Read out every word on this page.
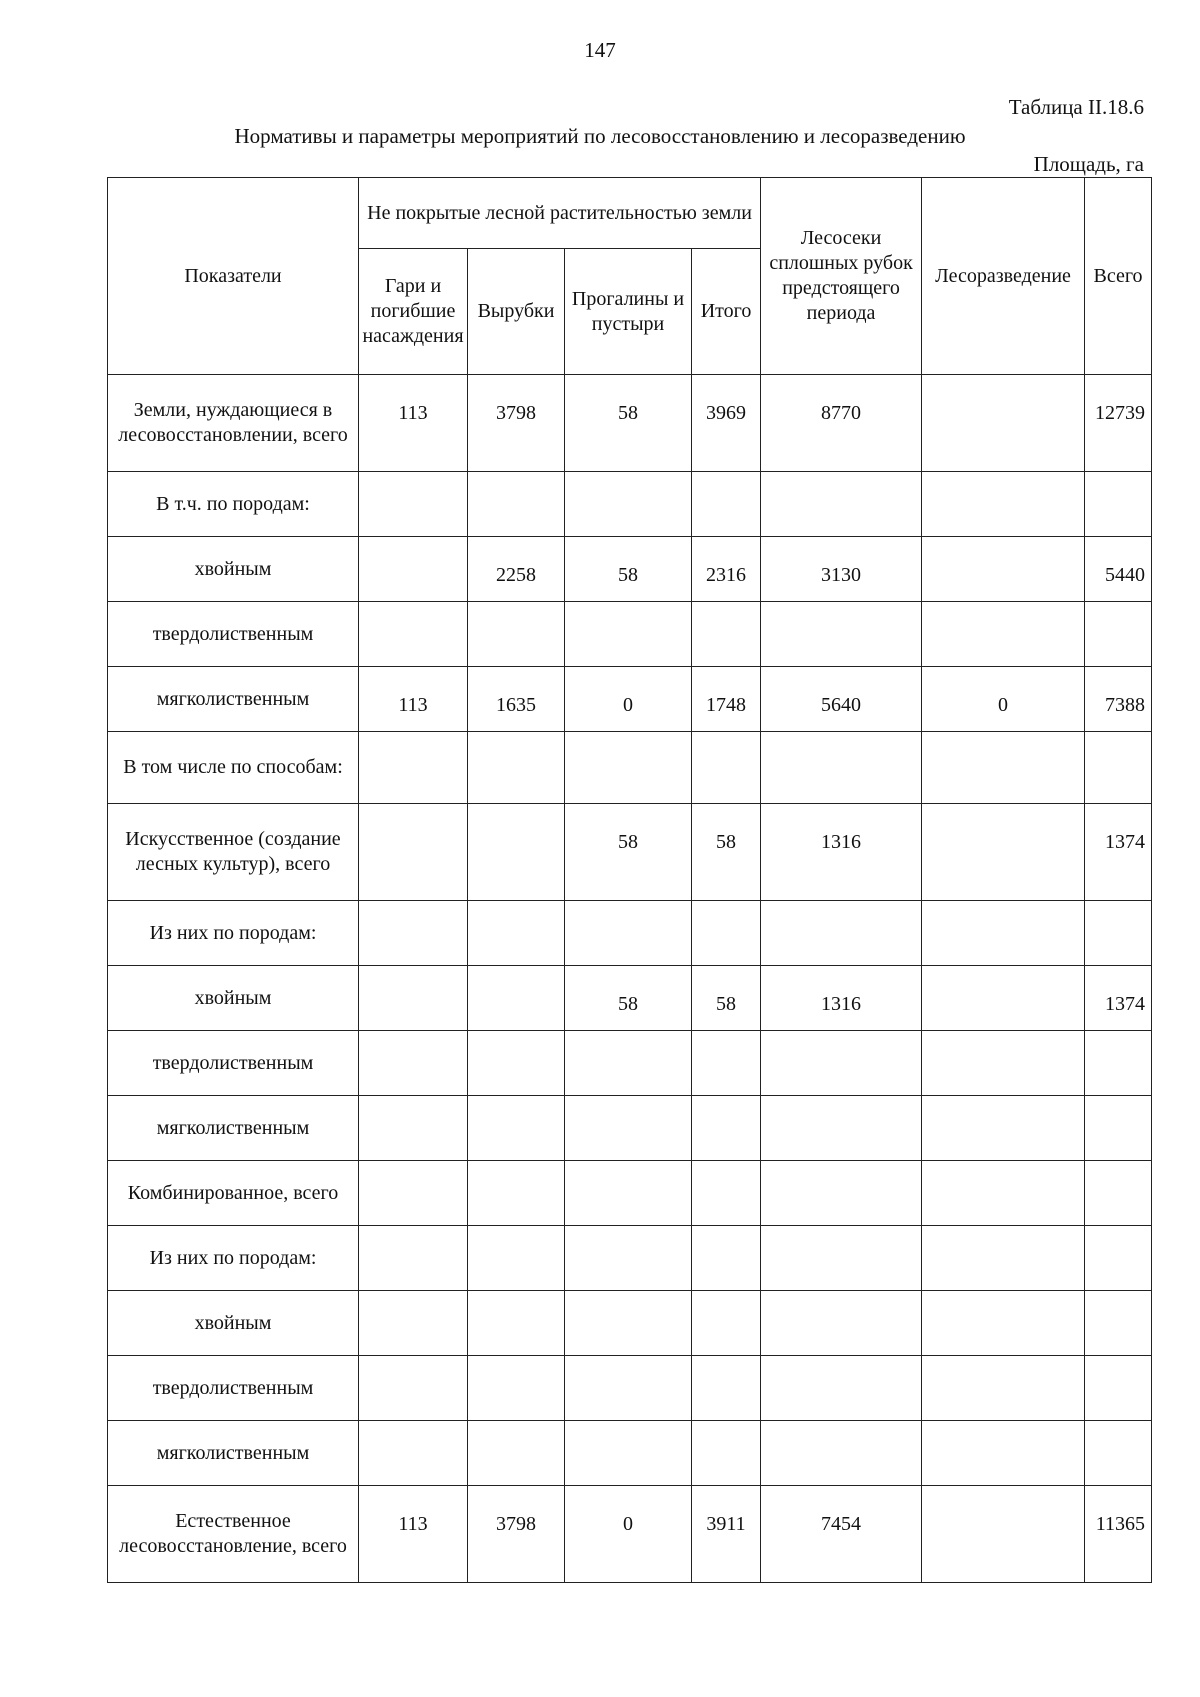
147
Таблица II.18.6
Нормативы и параметры мероприятий по лесовосстановлению и лесоразведению
Площадь, га
Показатели	Не покрытые лесной растительностью земли				Лесосеки сплошных рубок предстоящего периода	Лесоразведение	Всего
	Гари и погибшие насаждения	Вырубки	Прогалины и пустыри	Итого			
Земли, нуждающиеся в лесовосстановлении, всего	113	3798	58	3969	8770		12739
В т.ч. по породам:							
хвойным		2258	58	2316	3130		5440
твердолиственным							
мягколиственным	113	1635	0	1748	5640	0	7388
В том числе по способам:							
Искусственное (создание лесных культур), всего			58	58	1316		1374
Из них по породам:							
хвойным			58	58	1316		1374
твердолиственным							
мягколиственным							
Комбинированное, всего							
Из них по породам:							
хвойным							
твердолиственным							
мягколиственным							
Естественное лесовосстановление, всего	113	3798	0	3911	7454		11365
